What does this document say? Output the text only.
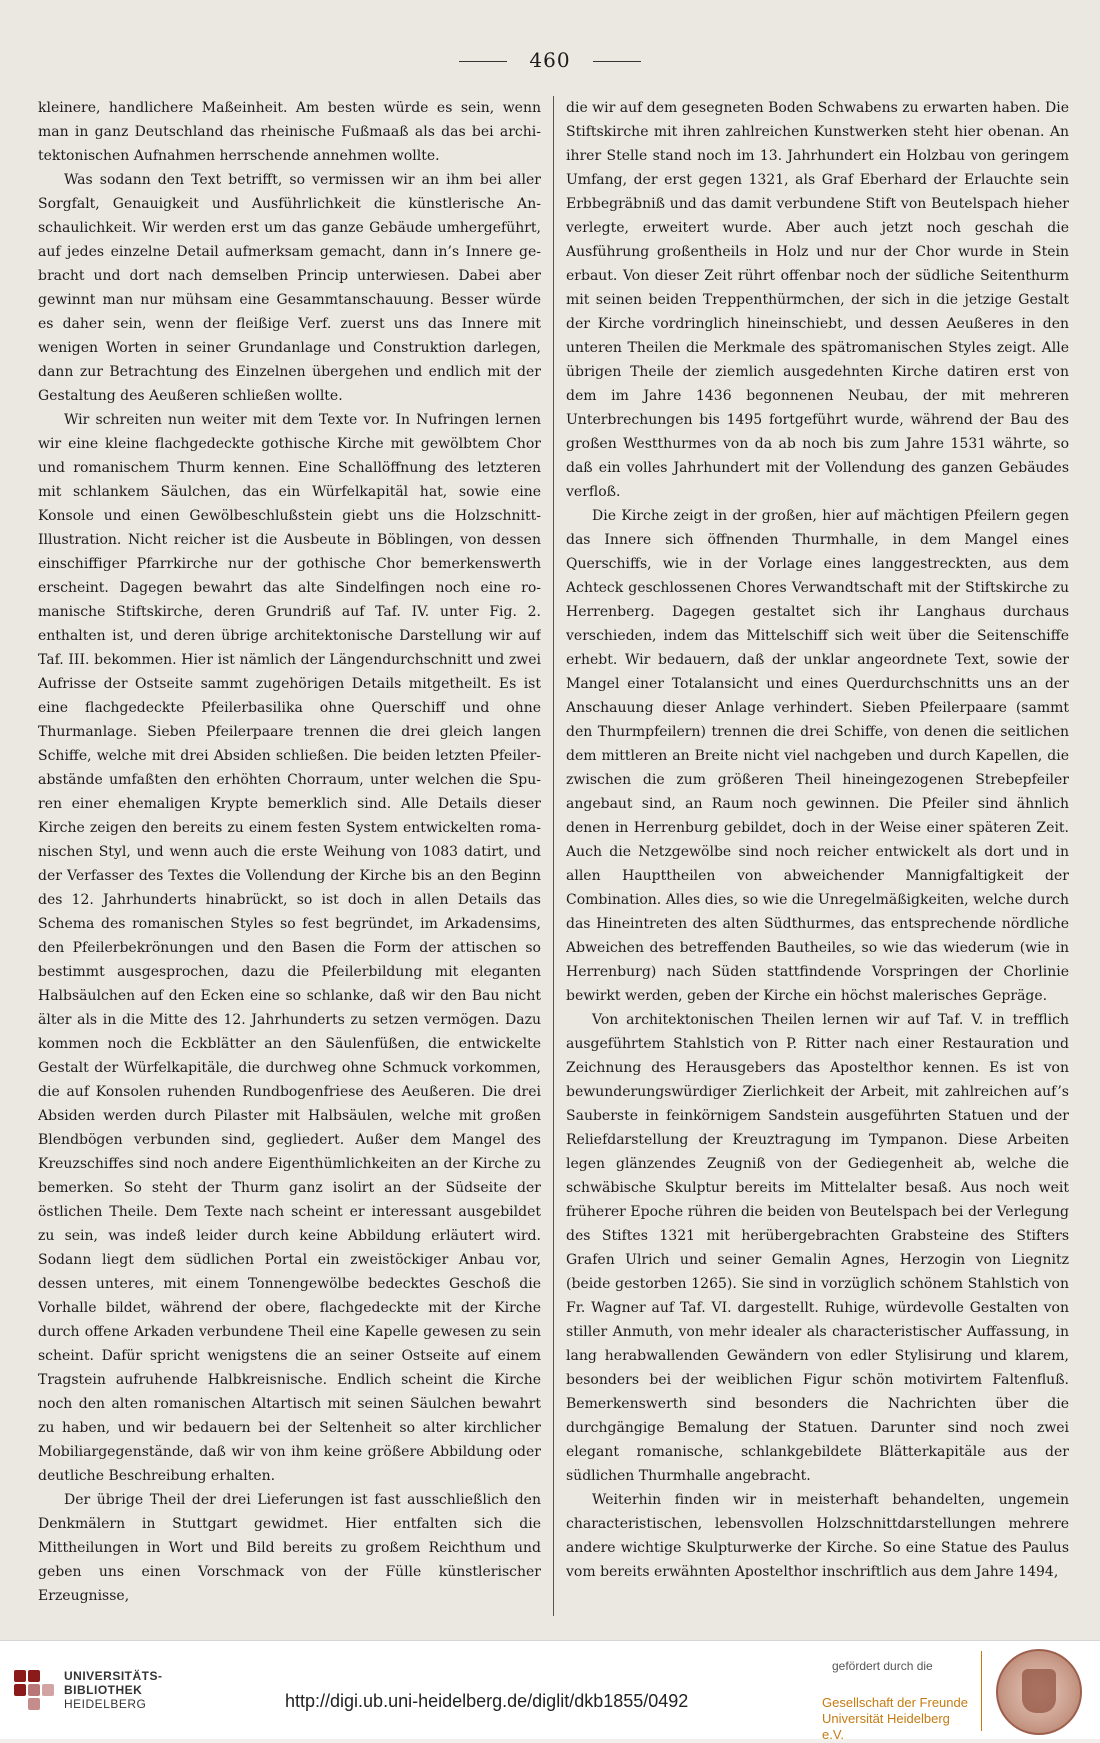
460

kleinere, handlichere Maßeinheit. Am besten würde es sein, wenn man in ganz Deutschland das rheinische Fußmaaß als das bei architektonischen Aufnahmen herrschende annehmen wollte.

Was sodann den Text betrifft, so vermissen wir an ihm bei aller Sorgfalt, Genauigkeit und Ausführlichkeit die künstlerische Anschaulichkeit. Wir werden erst um das ganze Gebäude umhergeführt, auf jedes einzelne Detail aufmerksam gemacht, dann in’s Innere gebracht und dort nach demselben Princip unterwiesen. Dabei aber gewinnt man nur mühsam eine Gesammtanschauung. Besser würde es daher sein, wenn der fleißige Verf. zuerst uns das Innere mit wenigen Worten in seiner Grundanlage und Construktion darlegen, dann zur Betrachtung des Einzelnen übergehen und endlich mit der Gestaltung des Aeußeren schließen wollte.

Wir schreiten nun weiter mit dem Texte vor. In Nufringen lernen wir eine kleine flachgedeckte gothische Kirche mit gewölbtem Chor und romanischem Thurm kennen. Eine Schallöffnung des letzteren mit schlankem Säulchen, das ein Würfelkapitäl hat, sowie eine Konsole und einen Gewölbeschlußstein giebt uns die Holzschnitt-Illustration. Nicht reicher ist die Ausbeute in Böblingen, von dessen einschiffiger Pfarrkirche nur der gothische Chor bemerkenswerth erscheint. Dagegen bewahrt das alte Sindelfingen noch eine romanische Stiftskirche, deren Grundriß auf Taf. IV. unter Fig. 2. enthalten ist, und deren übrige architektonische Darstellung wir auf Taf. III. bekommen. Hier ist nämlich der Längendurchschnitt und zwei Aufrisse der Ostseite sammt zugehörigen Details mitgetheilt. Es ist eine flachgedeckte Pfeilerbasilika ohne Querschiff und ohne Thurmanlage. Sieben Pfeilerpaare trennen die drei gleich langen Schiffe, welche mit drei Absiden schließen. Die beiden letzten Pfeilerabstände umfaßten den erhöhten Chorraum, unter welchen die Spuren einer ehemaligen Krypte bemerklich sind. Alle Details dieser Kirche zeigen den bereits zu einem festen System entwickelten romanischen Styl, und wenn auch die erste Weihung von 1083 datirt, und der Verfasser des Textes die Vollendung der Kirche bis an den Beginn des 12. Jahrhunderts hinabrückt, so ist doch in allen Details das Schema des romanischen Styles so fest begründet, im Arkadensims, den Pfeilerbekrönungen und den Basen die Form der attischen so bestimmt ausgesprochen, dazu die Pfeilerbildung mit eleganten Halbsäulchen auf den Ecken eine so schlanke, daß wir den Bau nicht älter als in die Mitte des 12. Jahrhunderts zu setzen vermögen. Dazu kommen noch die Eckblätter an den Säulenfüßen, die entwickelte Gestalt der Würfelkapitäle, die durchweg ohne Schmuck vorkommen, die auf Konsolen ruhenden Rundbogenfriese des Aeußeren. Die drei Absiden werden durch Pilaster mit Halbsäulen, welche mit großen Blendbögen verbunden sind, gegliedert. Außer dem Mangel des Kreuzschiffes sind noch andere Eigenthümlichkeiten an der Kirche zu bemerken. So steht der Thurm ganz isolirt an der Südseite der östlichen Theile. Dem Texte nach scheint er interessant ausgebildet zu sein, was indeß leider durch keine Abbildung erläutert wird. Sodann liegt dem südlichen Portal ein zweistöckiger Anbau vor, dessen unteres, mit einem Tonnengewölbe bedecktes Geschoß die Vorhalle bildet, während der obere, flachgedeckte mit der Kirche durch offene Arkaden verbundene Theil eine Kapelle gewesen zu sein scheint. Dafür spricht wenigstens die an seiner Ostseite auf einem Tragstein aufruhende Halbkreisnische. Endlich scheint die Kirche noch den alten romanischen Altartisch mit seinen Säulchen bewahrt zu haben, und wir bedauern bei der Seltenheit so alter kirchlicher Mobiliargegenstände, daß wir von ihm keine größere Abbildung oder deutliche Beschreibung erhalten.

Der übrige Theil der drei Lieferungen ist fast ausschließlich den Denkmälern in Stuttgart gewidmet. Hier entfalten sich die Mittheilungen in Wort und Bild bereits zu großem Reichthum und geben uns einen Vorschmack von der Fülle künstlerischer Erzeugnisse,

die wir auf dem gesegneten Boden Schwabens zu erwarten haben. Die Stiftskirche mit ihren zahlreichen Kunstwerken steht hier obenan. An ihrer Stelle stand noch im 13. Jahrhundert ein Holzbau von geringem Umfang, der erst gegen 1321, als Graf Eberhard der Erlauchte sein Erbbegräbniß und das damit verbundene Stift von Beutelspach hieher verlegte, erweitert wurde. Aber auch jetzt noch geschah die Ausführung großentheils in Holz und nur der Chor wurde in Stein erbaut. Von dieser Zeit rührt offenbar noch der südliche Seitenthurm mit seinen beiden Treppenthürmchen, der sich in die jetzige Gestalt der Kirche vordringlich hineinschiebt, und dessen Aeußeres in den unteren Theilen die Merkmale des spätromanischen Styles zeigt. Alle übrigen Theile der ziemlich ausgedehnten Kirche datiren erst von dem im Jahre 1436 begonnenen Neubau, der mit mehreren Unterbrechungen bis 1495 fortgeführt wurde, während der Bau des großen Westthurmes von da ab noch bis zum Jahre 1531 währte, so daß ein volles Jahrhundert mit der Vollendung des ganzen Gebäudes verfloß.

Die Kirche zeigt in der großen, hier auf mächtigen Pfeilern gegen das Innere sich öffnenden Thurmhalle, in dem Mangel eines Querschiffs, wie in der Vorlage eines langgestreckten, aus dem Achteck geschlossenen Chores Verwandtschaft mit der Stiftskirche zu Herrenberg. Dagegen gestaltet sich ihr Langhaus durchaus verschieden, indem das Mittelschiff sich weit über die Seitenschiffe erhebt. Wir bedauern, daß der unklar angeordnete Text, sowie der Mangel einer Totalansicht und eines Querdurchschnitts uns an der Anschauung dieser Anlage verhindert. Sieben Pfeilerpaare (sammt den Thurmpfeilern) trennen die drei Schiffe, von denen die seitlichen dem mittleren an Breite nicht viel nachgeben und durch Kapellen, die zwischen die zum größeren Theil hineingezogenen Strebepfeiler angebaut sind, an Raum noch gewinnen. Die Pfeiler sind ähnlich denen in Herrenburg gebildet, doch in der Weise einer späteren Zeit. Auch die Netzgewölbe sind noch reicher entwickelt als dort und in allen Haupttheilen von abweichender Mannigfaltigkeit der Combination. Alles dies, so wie die Unregelmäßigkeiten, welche durch das Hineintreten des alten Südthurmes, das entsprechende nördliche Abweichen des betreffenden Bautheiles, so wie das wiederum (wie in Herrenburg) nach Süden stattfindende Vorspringen der Chorlinie bewirkt werden, geben der Kirche ein höchst malerisches Gepräge.

Von architektonischen Theilen lernen wir auf Taf. V. in trefflich ausgeführtem Stahlstich von P. Ritter nach einer Restauration und Zeichnung des Herausgebers das Apostelthor kennen. Es ist von bewunderungswürdiger Zierlichkeit der Arbeit, mit zahlreichen auf’s Sauberste in feinkörnigem Sandstein ausgeführten Statuen und der Reliefdarstellung der Kreuztragung im Tympanon. Diese Arbeiten legen glänzendes Zeugniß von der Gediegenheit ab, welche die schwäbische Skulptur bereits im Mittelalter besaß. Aus noch weit früherer Epoche rühren die beiden von Beutelspach bei der Verlegung des Stiftes 1321 mit herübergebrachten Grabsteine des Stifters Grafen Ulrich und seiner Gemalin Agnes, Herzogin von Liegnitz (beide gestorben 1265). Sie sind in vorzüglich schönem Stahlstich von Fr. Wagner auf Taf. VI. dargestellt. Ruhige, würdevolle Gestalten von stiller Anmuth, von mehr idealer als characteristischer Auffassung, in lang herabwallenden Gewändern von edler Stylisirung und klarem, besonders bei der weiblichen Figur schön motivirtem Faltenfluß. Bemerkenswerth sind besonders die Nachrichten über die durchgängige Bemalung der Statuen. Darunter sind noch zwei elegant romanische, schlankgebildete Blätterkapitäle aus der südlichen Thurmhalle angebracht.

Weiterhin finden wir in meisterhaft behandelten, ungemein characteristischen, lebensvollen Holzschnittdarstellungen mehrere andere wichtige Skulpturwerke der Kirche. So eine Statue des Paulus vom bereits erwähnten Apostelthor inschriftlich aus dem Jahre 1494,

UNIVERSITÄTS-
BIBLIOTHEK
HEIDELBERG	http://digi.ub.uni-heidelberg.de/diglit/dkb1855/0492
gefördert durch die
Gesellschaft der Freunde
Universität Heidelberg e.V.
